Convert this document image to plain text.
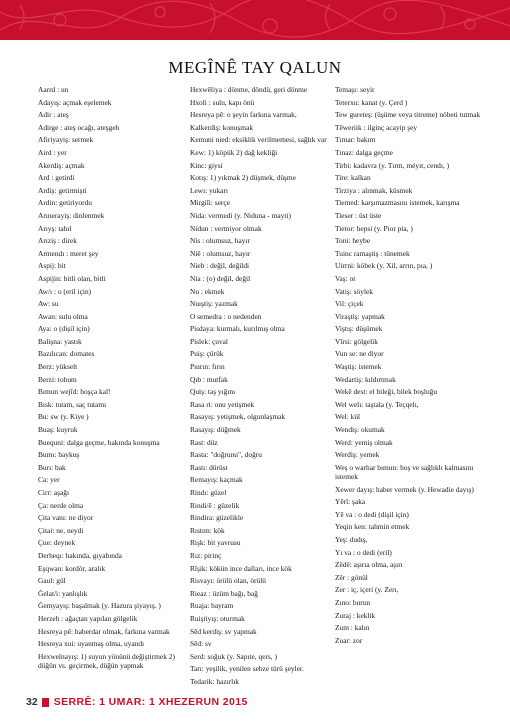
MEGÎNÊ TAY QALUN
Aarrd : un
Adayış: açmak eşelemek
Adir : ateş
Adirge : ateş ocağı, ateşgeh
Afiriyayiş: sermek
Aird : yer
Akerdiş: açmak
Ard : getirdi
Ardiş: getirmişti
Ardin: getiriyordu
Arınerayiş: dinlenmek
Arıyş: tahıl
Arıziş : direk
Armendı : meret şey
Aspij: bit
Aspijin: bitli olan, bitli
Aw/ı : o (eril için)
Aw: su
Awan: sulu olma
Aya: o (dişil için)
Balişna: yastık
Bazılıcan: domates
Berz: yükselt
Berzi: tohum
Bımun wejîd: hoşça kal!
Bısk: tutam, saç tutamı
Bu: sw (y. Kiye )
Buaş: kuyruk
Buequni: dalga geçme, hakında konuşma
Bumı: baykuş
Burı: bak
Ca: yer
Cirr: aşağı
Ça: nerde olma
Çita vanı: ne diyor
Çitai: ne, neydi
Çue: deynek
Derheqı: hakında, gıyabında
Eşqwan: kordör, aralık
Gaul: gül
Ğelat/i: yanlışlık
Ğemyayış: başalmak (y. Hazura şiyayış. )
Herzeh : ağaçtan yapılan gölgelik
Hesreya pê: haberdar olmak, farkına varmak
Hesreya xui: uyanmaş olma, uyandı
Hexwelnayış: 1) suyun yönünü değiştirmek 2) düğün vs. geçirmek, düğün yapmak
Hexwêliya : dönme, döndü, geri dönme
Hxoli : sulu, kapı önü
Hesreya pê: o şeyin farkına varmak,
Kalkerdiş: konuşmak
Kemuni nied: eksiklik verilmemesi, sağlık var
Kew: 1) köpük 2) dağ kekliği
Kinc: giysi
Kotış: 1) yıkmak 2) düşmek, düşme
Lewı: yukarı
Mirgiîi: serçe
Nida: vermedi (y. Niduna - mayti)
Nidun : vermiyor olmak
Nis : olumsuz, hayır
Niê : olumsuz, hayır
Nieb : değil, değildi
Nia : (o) değil, değil
Nu : ekmek
Nuıştiş: yazmak
O semedra : o nedenden
Pisdaya: kurmalı, kurılmış olma
Pislek: çuval
Puiş: çürük
Pıurın: fırın
Qıb : mutfak
Quiş: taş yığını
Rasa ri: onu yetişmek
Rasayış: yetişmek, olgunlaşmak
Rasayış: düğmek
Rast: düz
Rasta: "doğrunu", doğru
Rastı: dürüst
Remayış: kaçmak
Rindı: güzel
Rindi/ê : güzelik
Rindira: güzelikle
Rıstım: kök
Rişk: bit yavrusu
Rız: pirinç
Rîşik: kökün ince dalları, ince kök
Risvayı: örülü olan, örülü
Rieaz : üzüm bağı, bağ
Ruaja: bayram
Ruiştiyış: oturmak
Sêd kerdiş: sv yapmak
Sêd: sv
Serd: soğuk (y. Sapıte, qers, )
Tarı: yeşilik, yenilen sebze türü şeyler.
Tedarik: hazırlık
Temaşı: seyir
Teterxu: kanat (y. Çerd )
Tew gureteş: (üşüme veya titreme) nöbeti tutmak
Têweriik : ilginç acayip şey
Tımar: bakım
Tınaz: dalga geçme
Tirbi: kadavra (y. Tırm, méyıt, cendı, )
Tire: kalkan
Tirziya : alınmak, küsmek
Tiemed: karşımazmasını istemek, karışma
Tieser : üst üste
Tietor: hepsi (y. Pior pia, )
Toni: heybe
Tuinc ramaştiş : tünemek
Uirrni: köbek (y. Xil, arrın, pıa, )
Vaş: ot
Vatiş: söylek
Vil: çiçek
Viraştiş: yapmak
Viştış: düşümek
Vîrsi: gölgelik
Vun se: ne diyor
Waştiş: istemek
Wedartiş: kıldırtmak
Wekê dest: el bileği, bilek boşluğu
Wel welı: taştala (y. Teçqelı,
Wel: kül
Wendiş: okumak
Werd: yemiş olmak
Werdiş: yemek
Weş o warhar bımun: hoş ve sağlıklı kalmasını istemek
Xewer dayış: haber vermek (y. Hewadie dayış)
Yêrî: şaka
Yê va : o dedi (dişil için)
Yeqin ken: tahmin etmek
Yeş: dudış,
Yı va : o dedi (eril)
Zêdê: aşırıa olma, aşırı
Zêr : gönül
Zer : iç, içeri (y. Zerı,
Zıno: burun
Zuraj : keklik
Zum : kalın
Zuar: zor
32 SERRÊ: 1 UMAR: 1 XHEZERUN 2015
